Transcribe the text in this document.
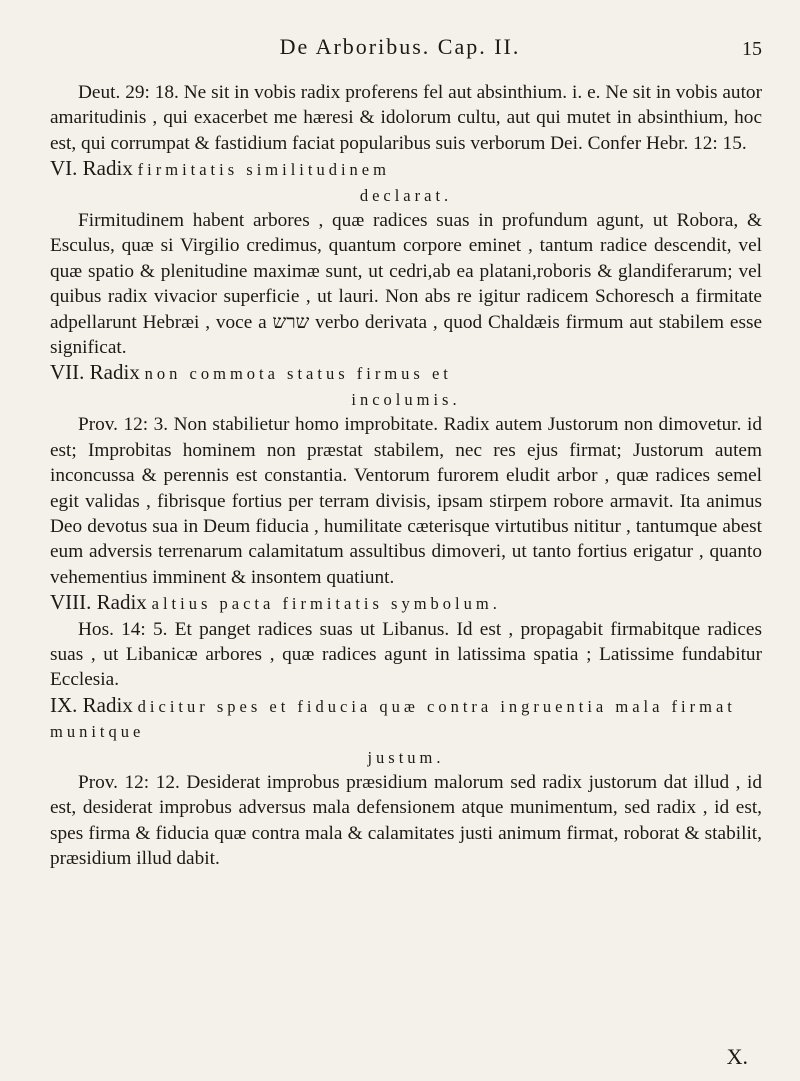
De Arboribus. Cap. II.	15

Deut. 29: 18. Ne sit in vobis radix proferens fel aut absinthium. i. e. Ne sit in vobis autor amaritudinis , qui exacerbet me hæresi & idolorum cultu, aut qui mutet in absinthium, hoc est, qui corrumpat & fastidium faciat popularibus suis verborum Dei. Confer Hebr. 12: 15.

VI. Radix firmitatis similitudinem
declarat.

Firmitudinem habent arbores , quæ radices suas in profundum agunt, ut Robora, & Esculus, quæ si Virgilio credimus, quantum corpore eminet , tantum radice descendit, vel quæ spatio & plenitudine maximæ sunt, ut cedri,ab ea platani,roboris & glandiferarum; vel quibus radix vivacior superficie , ut lauri. Non abs re igitur radicem Schoresch a firmitate adpellarunt Hebræi , voce a שרש verbo derivata , quod Chaldæis firmum aut stabilem esse significat.

VII. Radix non commota status firmus et
incolumis.

Prov. 12: 3. Non stabilietur homo improbitate. Radix autem Justorum non dimovetur. id est; Improbitas hominem non præstat stabilem, nec res ejus firmat; Justorum autem inconcussa & perennis est constantia. Ventorum furorem eludit arbor , quæ radices semel egit validas , fibrisque fortius per terram divisis, ipsam stirpem robore armavit. Ita animus Deo devotus sua in Deum fiducia , humilitate cæterisque virtutibus nititur , tantumque abest eum adversis terrenarum calamitatum assultibus dimoveri, ut tanto fortius erigatur , quanto vehementius imminent & insontem quatiunt.

VIII. Radix altius pacta firmitatis symbolum.

Hos. 14: 5. Et panget radices suas ut Libanus. Id est , propagabit firmabitque radices suas , ut Libanicæ arbores , quæ radices agunt in latissima spatia ; Latissime fundabitur Ecclesia.

IX. Radix dicitur spes et fiducia quæ contra ingruentia mala firmat munitque
justum.

Prov. 12: 12. Desiderat improbus præsidium malorum sed radix justorum dat illud , id est, desiderat improbus adversus mala defensionem atque munimentum, sed radix , id est, spes firma & fiducia quæ contra mala & calamitates justi animum firmat, roborat & stabilit, præsidium illud dabit.

X.
